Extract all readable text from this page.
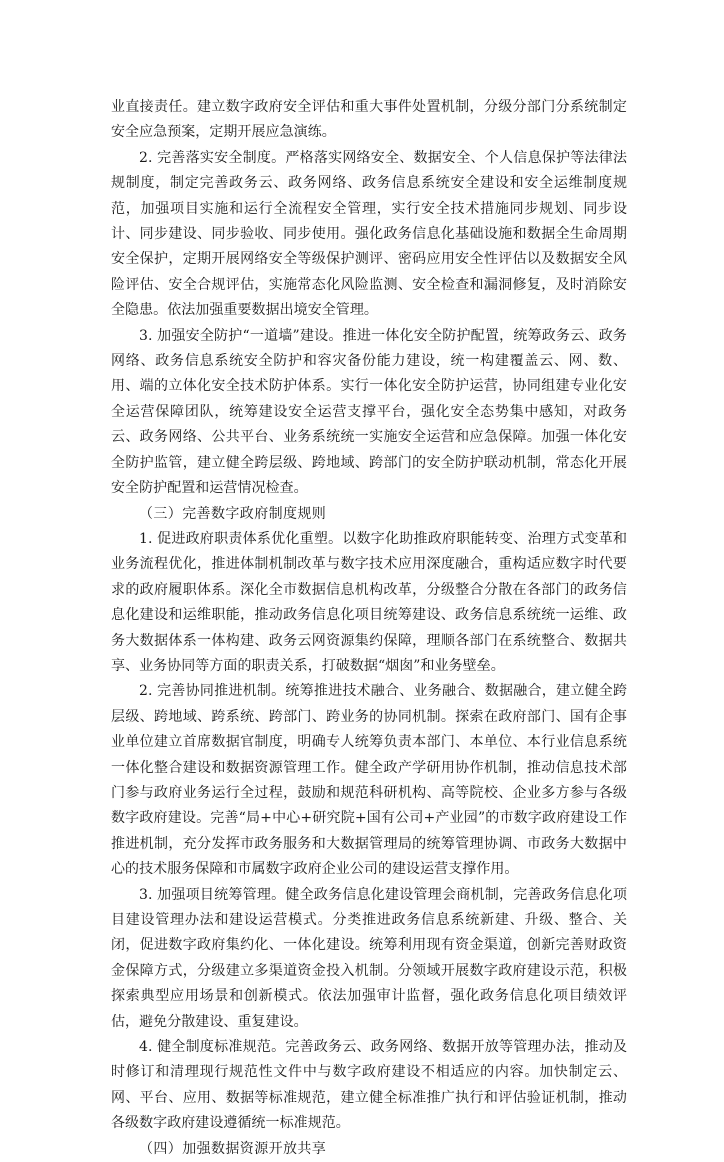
业直接责任。建立数字政府安全评估和重大事件处置机制，分级分部门分系统制定安全应急预案，定期开展应急演练。

2. 完善落实安全制度。严格落实网络安全、数据安全、个人信息保护等法律法规制度，制定完善政务云、政务网络、政务信息系统安全建设和安全运维制度规范，加强项目实施和运行全流程安全管理，实行安全技术措施同步规划、同步设计、同步建设、同步验收、同步使用。强化政务信息化基础设施和数据全生命周期安全保护，定期开展网络安全等级保护测评、密码应用安全性评估以及数据安全风险评估、安全合规评估，实施常态化风险监测、安全检查和漏洞修复，及时消除安全隐患。依法加强重要数据出境安全管理。

3. 加强安全防护“一道墙”建设。推进一体化安全防护配置，统筹政务云、政务网络、政务信息系统安全防护和容灾备份能力建设，统一构建覆盖云、网、数、用、端的立体化安全技术防护体系。实行一体化安全防护运营，协同组建专业化安全运营保障团队，统筹建设安全运营支撑平台，强化安全态势集中感知，对政务云、政务网络、公共平台、业务系统统一实施安全运营和应急保障。加强一体化安全防护监管，建立健全跨层级、跨地域、跨部门的安全防护联动机制，常态化开展安全防护配置和运营情况检查。

（三）完善数字政府制度规则

1. 促进政府职责体系优化重塑。以数字化助推政府职能转变、治理方式变革和业务流程优化，推进体制机制改革与数字技术应用深度融合，重构适应数字时代要求的政府履职体系。深化全市数据信息机构改革，分级整合分散在各部门的政务信息化建设和运维职能，推动政务信息化项目统筹建设、政务信息系统统一运维、政务大数据体系一体构建、政务云网资源集约保障，理顺各部门在系统整合、数据共享、业务协同等方面的职责关系，打破数据“烟囱”和业务壁垒。

2. 完善协同推进机制。统筹推进技术融合、业务融合、数据融合，建立健全跨层级、跨地域、跨系统、跨部门、跨业务的协同机制。探索在政府部门、国有企事业单位建立首席数据官制度，明确专人统筹负责本部门、本单位、本行业信息系统一体化整合建设和数据资源管理工作。健全政产学研用协作机制，推动信息技术部门参与政府业务运行全过程，鼓励和规范科研机构、高等院校、企业多方参与各级数字政府建设。完善“局+中心+研究院+国有公司+产业园”的市数字政府建设工作推进机制，充分发挥市政务服务和大数据管理局的统筹管理协调、市政务大数据中心的技术服务保障和市属数字政府企业公司的建设运营支撑作用。

3. 加强项目统筹管理。健全政务信息化建设管理会商机制，完善政务信息化项目建设管理办法和建设运营模式。分类推进政务信息系统新建、升级、整合、关闭，促进数字政府集约化、一体化建设。统筹利用现有资金渠道，创新完善财政资金保障方式，分级建立多渠道资金投入机制。分领域开展数字政府建设示范，积极探索典型应用场景和创新模式。依法加强审计监督，强化政务信息化项目绩效评估，避免分散建设、重复建设。

4. 健全制度标准规范。完善政务云、政务网络、数据开放等管理办法，推动及时修订和清理现行规范性文件中与数字政府建设不相适应的内容。加快制定云、网、平台、应用、数据等标准规范，建立健全标准推广执行和评估验证机制，推动各级数字政府建设遵循统一标准规范。

（四）加强数据资源开放共享
